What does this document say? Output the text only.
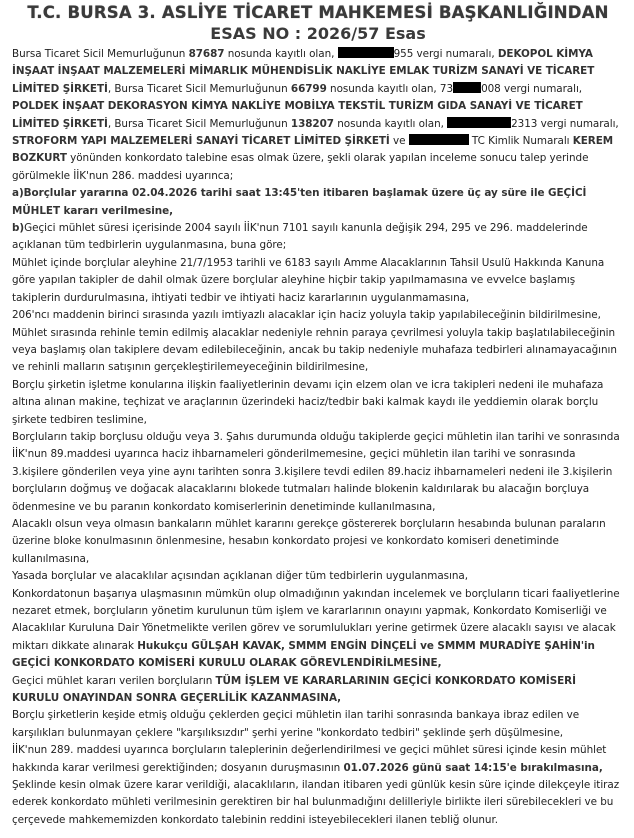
T.C. BURSA 3. ASLİYE TİCARET MAHKEMESİ BAŞKANLIĞINDAN
ESAS NO : 2026/57 Esas

Bursa Ticaret Sicil Memurluğunun 87687 nosunda kayıtlı olan,	955 vergi numaralı, DEKOPOL KİMYA İNŞAAT İNŞAAT MALZEMELERİ MİMARLIK MÜHENDİSLİK NAKLİYE EMLAK TURİZM SANAYİ VE TİCARET LİMİTED ŞİRKETİ, Bursa Ticaret Sicil Memurluğunun 66799 nosunda kayıtlı olan, 73	008 vergi numaralı, POLDEK İNŞAAT DEKORASYON KİMYA NAKLİYE MOBİLYA TEKSTİL TURİZM GIDA SANAYİ VE TİCARET LİMİTED ŞİRKETİ, Bursa Ticaret Sicil Memurluğunun 138207 nosunda kayıtlı olan,	2313 vergi numaralı, STROFORM YAPI MALZEMELERİ SANAYİ TİCARET LİMİTED ŞİRKETİ ve	TC Kimlik Numaralı KEREM BOZKURT yönünden konkordato talebine esas olmak üzere, şekli olarak yapılan inceleme sonucu talep yerinde görülmekle İİK'nun 286. maddesi uyarınca;

a)Borçlular yararına 02.04.2026 tarihi saat 13:45'ten itibaren başlamak üzere üç ay süre ile GEÇİCİ MÜHLET kararı verilmesine,

b)Geçici mühlet süresi içerisinde 2004 sayılı İİK'nun 7101 sayılı kanunla değişik 294, 295 ve 296. maddelerinde açıklanan tüm tedbirlerin uygulanmasına, buna göre;

Mühlet içinde borçlular aleyhine 21/7/1953 tarihli ve 6183 sayılı Amme Alacaklarının Tahsil Usulü Hakkında Kanuna göre yapılan takipler de dahil olmak üzere borçlular aleyhine hiçbir takip yapılmamasına ve evvelce başlamış takiplerin durdurulmasına, ihtiyati tedbir ve ihtiyati haciz kararlarının uygulanmamasına,

206'ncı maddenin birinci sırasında yazılı imtiyazlı alacaklar için haciz yoluyla takip yapılabileceğinin bildirilmesine,

Mühlet sırasında rehinle temin edilmiş alacaklar nedeniyle rehnin paraya çevrilmesi yoluyla takip başlatılabileceğinin veya başlamış olan takiplere devam edilebileceğinin, ancak bu takip nedeniyle muhafaza tedbirleri alınamayacağının ve rehinli malların satışının gerçekleştirilemeyeceğinin bildirilmesine,

Borçlu şirketin işletme konularına ilişkin faaliyetlerinin devamı için elzem olan ve icra takipleri nedeni ile muhafaza altına alınan makine, teçhizat ve araçlarının üzerindeki haciz/tedbir baki kalmak kaydı ile yeddiemin olarak borçlu şirkete tedbiren teslimine,

Borçluların takip borçlusu olduğu veya 3. Şahıs durumunda olduğu takiplerde geçici mühletin ilan tarihi ve sonrasında İİK'nun 89.maddesi uyarınca haciz ihbarnameleri gönderilmemesine, geçici mühletin ilan tarihi ve sonrasında 3.kişilere gönderilen veya yine aynı tarihten sonra 3.kişilere tevdi edilen 89.haciz ihbarnameleri nedeni ile 3.kişilerin borçluların doğmuş ve doğacak alacaklarını blokede tutmaları halinde blokenin kaldırılarak bu alacağın borçluya ödenmesine ve bu paranın konkordato komiserlerinin denetiminde kullanılmasına,

Alacaklı olsun veya olmasın bankaların mühlet kararını gerekçe göstererek borçluların hesabında bulunan paraların üzerine bloke konulmasının önlenmesine, hesabın konkordato projesi ve konkordato komiseri denetiminde kullanılmasına,

Yasada borçlular ve alacaklılar açısından açıklanan diğer tüm tedbirlerin uygulanmasına,

Konkordatonun başarıya ulaşmasının mümkün olup olmadığının yakından incelemek ve borçluların ticari faaliyetlerine nezaret etmek, borçluların yönetim kurulunun tüm işlem ve kararlarının onayını yapmak, Konkordato Komiserliği ve Alacaklılar Kuruluna Dair Yönetmelikte verilen görev ve sorumlulukları yerine getirmek üzere alacaklı sayısı ve alacak miktarı dikkate alınarak Hukukçu GÜLŞAH KAVAK, SMMM ENGİN DİNÇELİ ve SMMM MURADİYE ŞAHİN'in GEÇİCİ KONKORDATO KOMİSERİ KURULU OLARAK GÖREVLENDİRİLMESİNE,

Geçici mühlet kararı verilen borçluların TÜM İŞLEM VE KARARLARININ GEÇİCİ KONKORDATO KOMİSERİ KURULU ONAYINDAN SONRA GEÇERLİLİK KAZANMASINA,

Borçlu şirketlerin keşide etmiş olduğu çeklerden geçici mühletin ilan tarihi sonrasında bankaya ibraz edilen ve karşılıkları bulunmayan çeklere "karşılıksızdır" şerhi yerine "konkordato tedbiri" şeklinde şerh düşülmesine,

İİK'nun 289. maddesi uyarınca borçluların taleplerinin değerlendirilmesi ve geçici mühlet süresi içinde kesin mühlet hakkında karar verilmesi gerektiğinden; dosyanın duruşmasının 01.07.2026 günü saat 14:15'e bırakılmasına,

Şeklinde kesin olmak üzere karar verildiği, alacaklıların, ilandan itibaren yedi günlük kesin süre içinde dilekçeyle itiraz ederek konkordato mühleti verilmesinin gerektiren bir hal bulunmadığını delilleriyle birlikte ileri sürebilecekleri ve bu çerçevede mahkememizden konkordato talebinin reddini isteyebilecekleri ilanen tebliğ olunur.
